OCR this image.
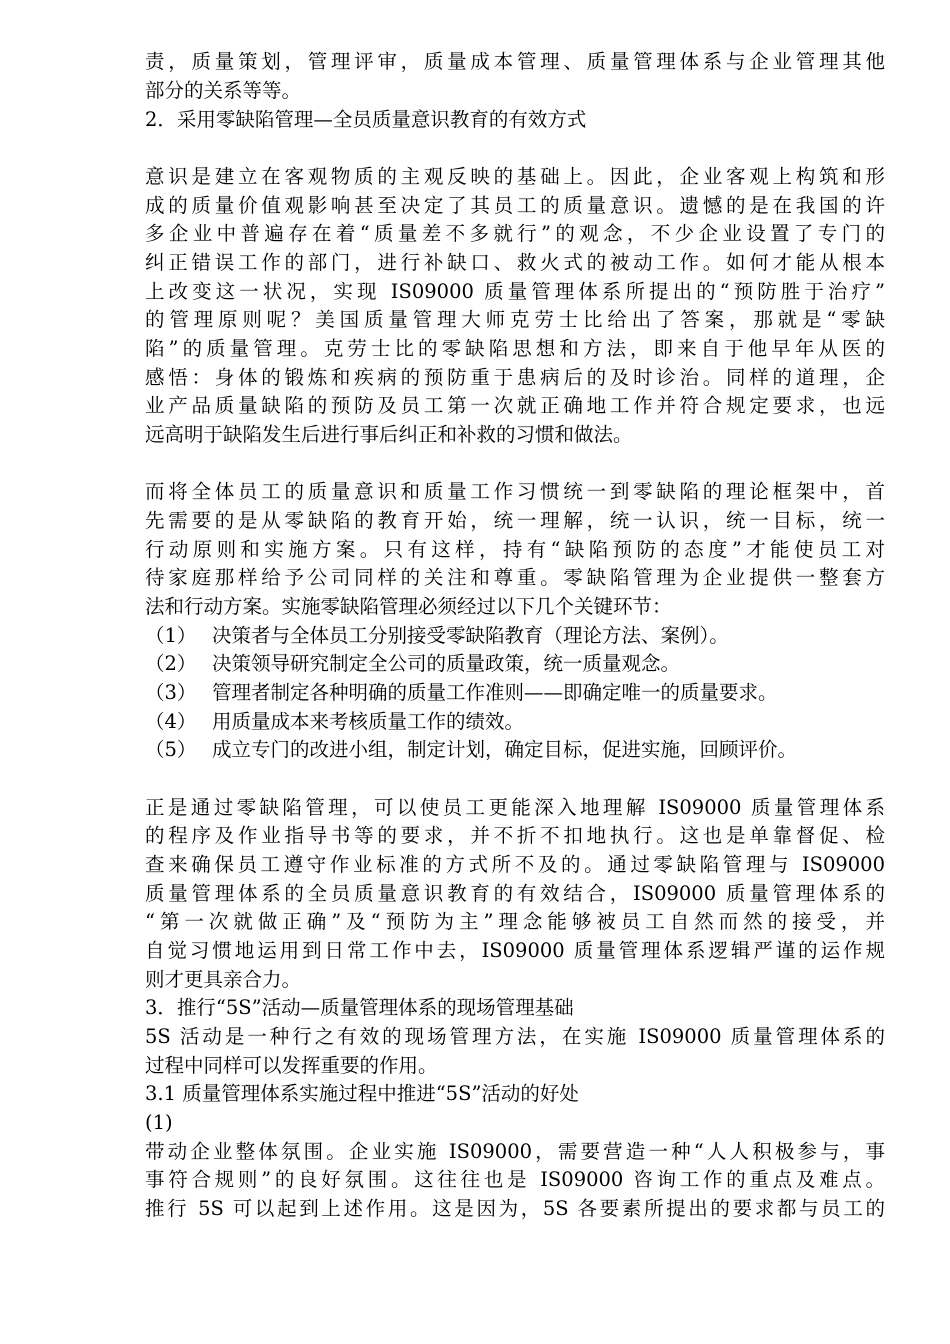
责，质量策划，管理评审，质量成本管理、质量管理体系与企业管理其他
部分的关系等等。
2．采用零缺陷管理—全员质量意识教育的有效方式
意识是建立在客观物质的主观反映的基础上。因此，企业客观上构筑和形
成的质量价值观影响甚至决定了其员工的质量意识。遗憾的是在我国的许
多企业中普遍存在着“质量差不多就行”的观念，不少企业设置了专门的
纠正错误工作的部门，进行补缺口、救火式的被动工作。如何才能从根本
上改变这一状况，实现 IS09000 质量管理体系所提出的“预防胜于治疗”
的管理原则呢？美国质量管理大师克劳士比给出了答案，那就是“零缺
陷”的质量管理。克劳士比的零缺陷思想和方法，即来自于他早年从医的
感悟：身体的锻炼和疾病的预防重于患病后的及时诊治。同样的道理，企
业产品质量缺陷的预防及员工第一次就正确地工作并符合规定要求，也远
远高明于缺陷发生后进行事后纠正和补救的习惯和做法。
而将全体员工的质量意识和质量工作习惯统一到零缺陷的理论框架中，首
先需要的是从零缺陷的教育开始，统一理解，统一认识，统一目标，统一
行动原则和实施方案。只有这样，持有“缺陷预防的态度”才能使员工对
待家庭那样给予公司同样的关注和尊重。零缺陷管理为企业提供一整套方
法和行动方案。实施零缺陷管理必须经过以下几个关键环节：
（1） 决策者与全体员工分别接受零缺陷教育（理论方法、案例）。
（2） 决策领导研究制定全公司的质量政策，统一质量观念。
（3） 管理者制定各种明确的质量工作准则——即确定唯一的质量要求。
（4） 用质量成本来考核质量工作的绩效。
（5） 成立专门的改进小组，制定计划，确定目标，促进实施，回顾评价。
正是通过零缺陷管理，可以使员工更能深入地理解 IS09000 质量管理体系
的程序及作业指导书等的要求，并不折不扣地执行。这也是单靠督促、检
查来确保员工遵守作业标准的方式所不及的。通过零缺陷管理与 IS09000
质量管理体系的全员质量意识教育的有效结合，IS09000 质量管理体系的
“第一次就做正确”及“预防为主”理念能够被员工自然而然的接受，并
自觉习惯地运用到日常工作中去，IS09000 质量管理体系逻辑严谨的运作规
则才更具亲合力。
3．推行“5S”活动—质量管理体系的现场管理基础
5S 活动是一种行之有效的现场管理方法，在实施 IS09000 质量管理体系的
过程中同样可以发挥重要的作用。
3.1 质量管理体系实施过程中推进“5S”活动的好处
(1)
带动企业整体氛围。企业实施 IS09000，需要营造一种“人人积极参与，事
事符合规则”的良好氛围。这往往也是 IS09000 咨询工作的重点及难点。
推行 5S 可以起到上述作用。这是因为，5S 各要素所提出的要求都与员工的
